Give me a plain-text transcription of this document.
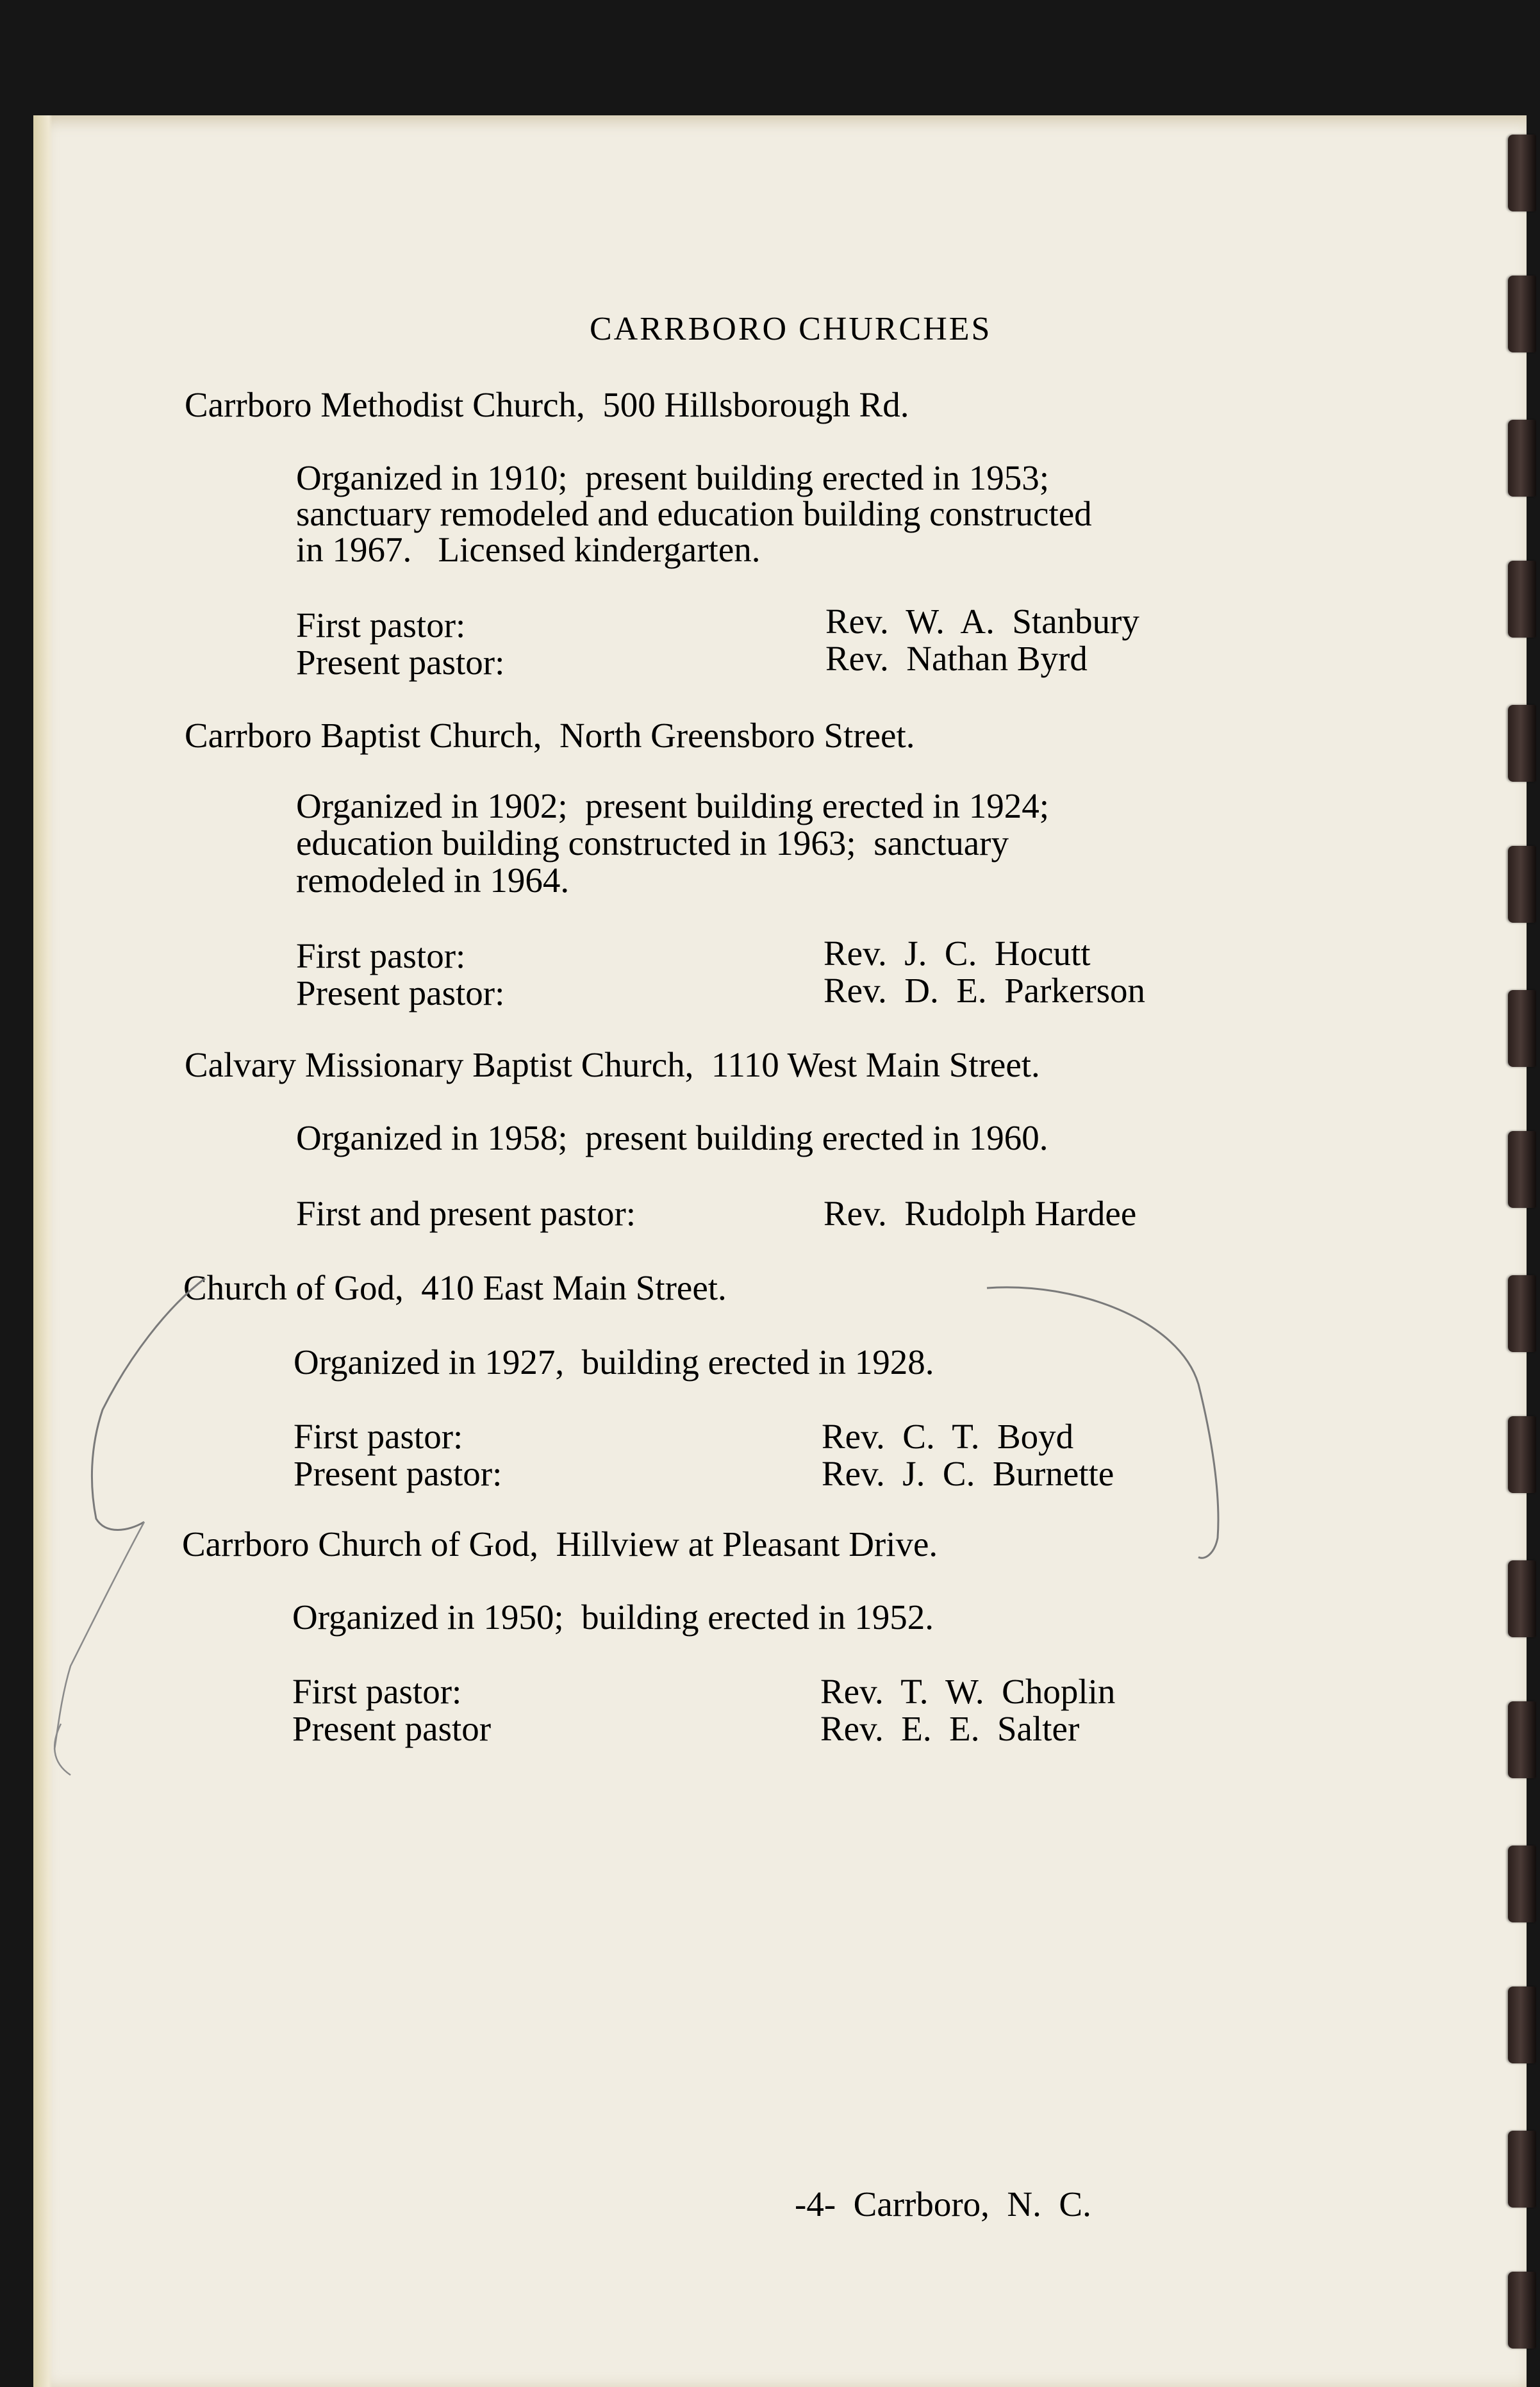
CARRBORO CHURCHES
Carrboro Methodist Church,  500 Hillsborough Rd.
Organized in 1910;  present building erected in 1953;
sanctuary remodeled and education building constructed
in 1967.   Licensed kindergarten.
First pastor:	Rev.  W.  A.  Stanbury
Present pastor:	Rev.  Nathan Byrd
Carrboro Baptist Church,  North Greensboro Street.
Organized in 1902;  present building erected in 1924;
education building constructed in 1963;  sanctuary
remodeled in 1964.
First pastor:	Rev.  J.  C.  Hocutt
Present pastor:	Rev.  D.  E.  Parkerson
Calvary Missionary Baptist Church,  1110 West Main Street.
Organized in 1958;  present building erected in 1960.
First and present pastor:	Rev.  Rudolph Hardee
Church of God,  410 East Main Street.
Organized in 1927,  building erected in 1928.
First pastor:	Rev.  C.  T.  Boyd
Present pastor:	Rev.  J.  C.  Burnette
Carrboro Church of God,  Hillview at Pleasant Drive.
Organized in 1950;  building erected in 1952.
First pastor:	Rev.  T.  W.  Choplin
Present pastor	Rev.  E.  E.  Salter
-4-  Carrboro,  N.  C.
